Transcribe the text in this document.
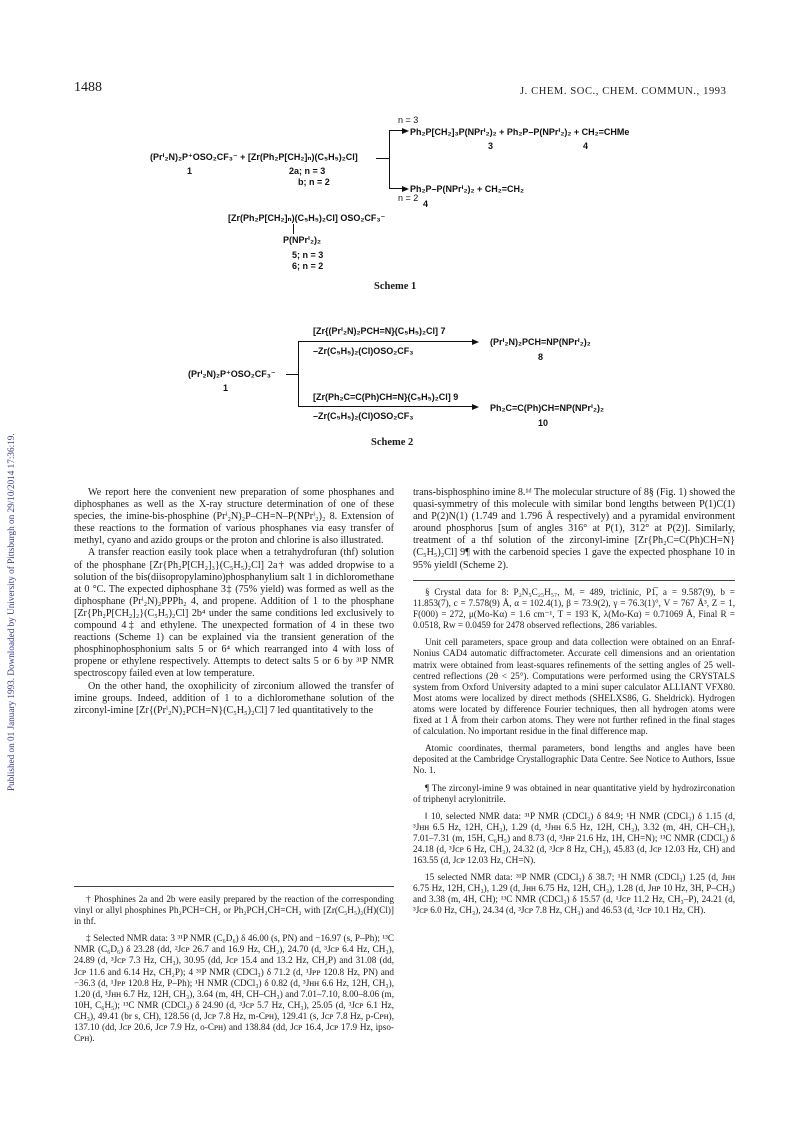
Published on 01 January 1993. Downloaded by University of Pittsburgh on 29/10/2014 17:36:19.
1488	J. CHEM. SOC., CHEM. COMMUN., 1993
n = 3
Ph₂P[CH₂]₃P(NPrⁱ₂)₂ + Ph₂P–P(NPrⁱ₂)₂ + CH₂=CHMe
3	4
(Prⁱ₂N)₂P⁺OSO₂CF₃⁻ + [Zr(Ph₂P[CH₂]ₙ)(C₅H₅)₂Cl]
1	2a; n = 3
b; n = 2
Ph₂P–P(NPrⁱ₂)₂ + CH₂=CH₂
n = 2
4
[Zr(Ph₂P[CH₂]ₙ)(C₅H₅)₂Cl] OSO₂CF₃⁻
P(NPrⁱ₂)₂
5; n = 3
6; n = 2
Scheme 1
[Zr{(Prⁱ₂N)₂PCH=N}(C₅H₅)₂Cl] 7
–Zr(C₅H₅)₂(Cl)OSO₂CF₃
(Prⁱ₂N)₂PCH=NP(NPrⁱ₂)₂
8
(Prⁱ₂N)₂P⁺OSO₂CF₃⁻
1
[Zr(Ph₂C=C(Ph)CH=N}(C₅H₅)₂Cl] 9
–Zr(C₅H₅)₂(Cl)OSO₂CF₃
Ph₂C=C(Ph)CH=NP(NPrⁱ₂)₂
10
Scheme 2

We report here the convenient new preparation of some phosphanes and diphosphanes as well as the X-ray structure determination of one of these species, the imine-bis-phosphine (Prⁱ₂N)₂P–CH=N–P(NPrⁱ₂)₂ 8. Extension of these reactions to the formation of various phosphanes via easy transfer of methyl, cyano and azido groups or the proton and chlorine is also illustrated.

A transfer reaction easily took place when a tetrahydrofuran (thf) solution of the phosphane [Zr{Ph₂P[CH₂]₃}(C₅H₅)₂Cl] 2a† was added dropwise to a solution of the bis(diisopropylamino)phosphanylium salt 1 in dichloromethane at 0 °C. The expected diphosphane 3‡ (75% yield) was formed as well as the diphosphane (Prⁱ₂N)₂PPPh₂ 4, and propene. Addition of 1 to the phosphane [Zr{Ph₂P[CH₂]₂}(C₅H₅)₂Cl] 2b⁴ under the same conditions led exclusively to compound 4‡ and ethylene. The unexpected formation of 4 in these two reactions (Scheme 1) can be explained via the transient generation of the phosphinophosphonium salts 5 or 6⁴ which rearranged into 4 with loss of propene or ethylene respectively. Attempts to detect salts 5 or 6 by ³¹P NMR spectroscopy failed even at low temperature.

On the other hand, the oxophilicity of zirconium allowed the transfer of imine groups. Indeed, addition of 1 to a dichloromethane solution of the zirconyl-imine [Zr{(Prⁱ₂N)₂PCH=N}(C₅H₅)₂Cl] 7 led quantitatively to the

† Phosphines 2a and 2b were easily prepared by the reaction of the corresponding vinyl or allyl phosphines Ph₂PCH=CH₂ or Ph₂PCH₂CH=CH₂ with [Zr(C₅H₅)₂(H)(Cl)] in thf.

‡ Selected NMR data: 3 ³¹P NMR (C₆D₆) δ 46.00 (s, PN) and −16.97 (s, P–Ph); ¹³C NMR (C₆D₆) δ 23.28 (dd, ²Jᴄᴘ 26.7 and 16.9 Hz, CH₂), 24.70 (d, ³Jᴄᴘ 6.4 Hz, CH₃), 24.89 (d, ³Jᴄᴘ 7.3 Hz, CH₃), 30.95 (dd, Jᴄᴘ 15.4 and 13.2 Hz, CH₂P) and 31.08 (dd, Jᴄᴘ 11.6 and 6.14 Hz, CH₂P); 4 ³¹P NMR (CDCl₃) δ 71.2 (d, ¹Jᴘᴘ 120.8 Hz, PN) and −36.3 (d, ¹Jᴘᴘ 120.8 Hz, P–Ph); ¹H NMR (CDCl₃) δ 0.82 (d, ³Jʜʜ 6.6 Hz, 12H, CH₃), 1.20 (d, ³Jʜʜ 6.7 Hz, 12H, CH₃), 3.64 (m, 4H, CH–CH₃) and 7.01–7.10, 8.00–8.06 (m, 10H, C₆H₅); ¹³C NMR (CDCl₃) δ 24.90 (d, ³Jᴄᴘ 5.7 Hz, CH₃), 25.05 (d, ³Jᴄᴘ 6.1 Hz, CH₃), 49.41 (br s, CH), 128.56 (d, Jᴄᴘ 7.8 Hz, m-Cᴘʜ), 129.41 (s, Jᴄᴘ 7.8 Hz, p-Cᴘʜ), 137.10 (dd, Jᴄᴘ 20.6, Jᴄᴘ 7.9 Hz, o-Cᴘʜ) and 138.84 (dd, Jᴄᴘ 16.4, Jᴄᴘ 17.9 Hz, ipso-Cᴘʜ).

trans-bisphosphino imine 8.¹ᵈ The molecular structure of 8§ (Fig. 1) showed the quasi-symmetry of this molecule with similar bond lengths between P(1)C(1) and P(2)N(1) (1.749 and 1.796 Å respectively) and a pyramidal environment around phosphorus [sum of angles 316° at P(1), 312° at P(2)]. Similarly, treatment of a thf solution of the zirconyl-imine [Zr{Ph₂C=C(Ph)CH=N}(C₅H₅)₂Cl] 9¶ with the carbenoid species 1 gave the expected phosphane 10 in 95% yield‖ (Scheme 2).

§ Crystal data for 8: P₂N₅C₂₅H₅₇, Mᵣ = 489, triclinic, P1̅, a = 9.587(9), b = 11.853(7), c = 7.578(9) Å, α = 102.4(1), β = 73.9(2), γ = 76.3(1)°, V = 767 Å³, Z = 1, F(000) = 272, μ(Mo-Kα) = 1.6 cm⁻¹, T = 193 K, λ(Mo-Kα) = 0.71069 Å, Final R = 0.0518, Rᴡ = 0.0459 for 2478 observed reflections, 286 variables.

Unit cell parameters, space group and data collection were obtained on an Enraf-Nonius CAD4 automatic diffractometer. Accurate cell dimensions and an orientation matrix were obtained from least-squares refinements of the setting angles of 25 well-centred reflections (2θ < 25°). Computations were performed using the CRYSTALS system from Oxford University adapted to a mini super calculator ALLIANT VFX80. Most atoms were localized by direct methods (SHELXS86, G. Sheldrick). Hydrogen atoms were located by difference Fourier techniques, then all hydrogen atoms were fixed at 1 Å from their carbon atoms. They were not further refined in the final stages of calculation. No important residue in the final difference map.

Atomic coordinates, thermal parameters, bond lengths and angles have been deposited at the Cambridge Crystallographic Data Centre. See Notice to Authors, Issue No. 1.

¶ The zirconyl-imine 9 was obtained in near quantitative yield by hydrozirconation of triphenyl acrylonitrile.

‖ 10, selected NMR data: ³¹P NMR (CDCl₃) δ 84.9; ¹H NMR (CDCl₃) δ 1.15 (d, ³Jʜʜ 6.5 Hz, 12H, CH₃), 1.29 (d, ³Jʜʜ 6.5 Hz, 12H, CH₃), 3.32 (m, 4H, CH–CH₃), 7.01–7.31 (m, 15H, C₆H₅) and 8.73 (d, ³Jʜᴘ 21.6 Hz, 1H, CH=N); ¹³C NMR (CDCl₃) δ 24.18 (d, ³Jᴄᴘ 6 Hz, CH₃), 24.32 (d, ³Jᴄᴘ 8 Hz, CH₃), 45.83 (d, Jᴄᴘ 12.03 Hz, CH) and 163.55 (d, Jᴄᴘ 12.03 Hz, CH=N).

15 selected NMR data: ³¹P NMR (CDCl₃) δ 38.7; ¹H NMR (CDCl₃) 1.25 (d, Jʜʜ 6.75 Hz, 12H, CH₃), 1.29 (d, Jʜʜ 6.75 Hz, 12H, CH₃), 1.28 (d, Jʜᴘ 10 Hz, 3H, P–CH₃) and 3.38 (m, 4H, CH); ¹³C NMR (CDCl₃) δ 15.57 (d, ¹Jᴄᴘ 11.2 Hz, CH₃–P), 24.21 (d, ³Jᴄᴘ 6.0 Hz, CH₃), 24.34 (d, ³Jᴄᴘ 7.8 Hz, CH₃) and 46.53 (d, ²Jᴄᴘ 10.1 Hz, CH).
